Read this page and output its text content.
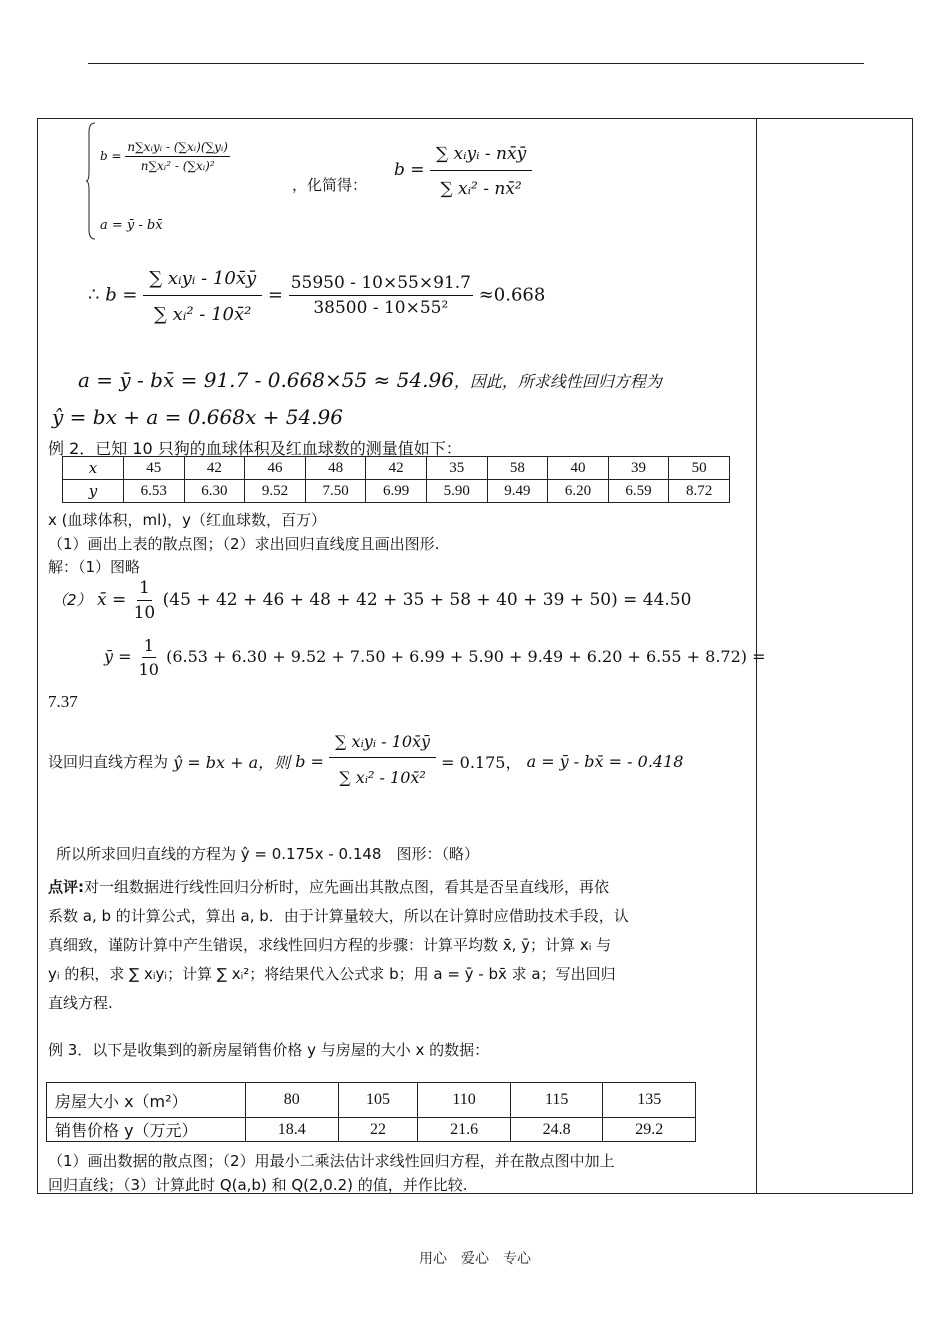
$b = \frac{\text{n∑xᵢyᵢ - (∑xᵢ)(∑yᵢ)}}{\text{n∑xᵢ² - (∑xᵢ)²}}$
a = ȳ - bx̄
，化简得：
$b = \frac{\text{∑ xᵢyᵢ - nx̄ȳ}}{\text{∑ xᵢ² - nx̄²}}$
∴ $b = \frac{\text{∑ xᵢyᵢ - 10x̄ȳ}}{\text{∑ xᵢ² - 10x̄²}} = \frac{55950 - 10\times 55\times 91.7}{\text{38500 - 10×55²}} \approx 0.668$
a = ȳ - bx̄ = 91.7 - 0.668×55 ≈ 54.96，因此，所求线性回归方程为
ŷ = bx + a = 0.668x + 54.96
例 2．已知 10 只狗的血球体积及红血球数的测量值如下：
x	45	42	46	48	42	35	58	40	39	50
y	6.53	6.30	9.52	7.50	6.99	5.90	9.49	6.20	6.59	8.72
x (血球体积，ml)，y（红血球数，百万）
（1）画出上表的散点图；（2）求出回归直线度且画出图形.
解：（1）图略
（2） x̄ = $\frac{1}{10} (45 + 42 + 46 + 48 + 42 + 35 + 58 + 40 + 39 + 50) = 44.50$
ȳ = $\frac{1}{10} (6.53 + 6.30 + 9.52 + 7.50 + 6.99 + 5.90 + 9.49 + 6.20 + 6.55 + 8.72)$ =
7.37
设回归直线方程为 ŷ = bx + a，则 $b = \frac{\text{∑ xᵢyᵢ - 10x̄ȳ}}{\text{∑ xᵢ² - 10x̄²}} = 0.175$， a = ȳ - bx̄ = - 0.418
所以所求回归直线的方程为 ŷ = 0.175x - 0.148　图形：（略）
点评:对一组数据进行线性回归分析时，应先画出其散点图，看其是否呈直线形，再依
系数 a, b 的计算公式，算出 a, b．由于计算量较大，所以在计算时应借助技术手段，认
真细致，谨防计算中产生错误，求线性回归方程的步骤：计算平均数 x̄, ȳ；计算 xᵢ 与
yᵢ 的积，求 ∑ xᵢyᵢ；计算 ∑ xᵢ²；将结果代入公式求 b；用 a = ȳ - bx̄ 求 a；写出回归
直线方程.
例 3．以下是收集到的新房屋销售价格 y 与房屋的大小 x 的数据：
房屋大小 x（m²）	80	105	110	115	135
销售价格 y（万元）	18.4	22	21.6	24.8	29.2
（1）画出数据的散点图；（2）用最小二乘法估计求线性回归方程，并在散点图中加上
回归直线；（3）计算此时 Q(a,b) 和 Q(2,0.2) 的值，并作比较.
用心　爱心　专心
